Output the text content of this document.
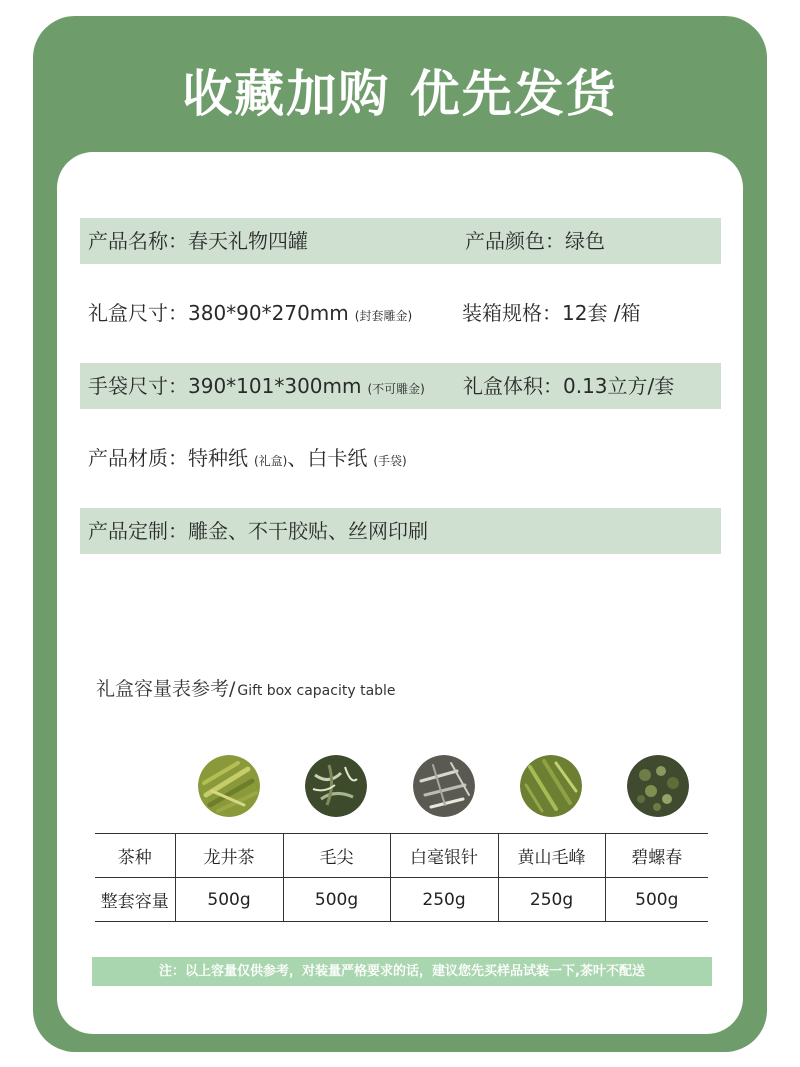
收藏加购 优先发货
产品名称：春天礼物四罐	产品颜色：绿色
礼盒尺寸：380*90*270mm (封套雕金) 装箱规格：12套 /箱
手袋尺寸：390*101*300mm (不可雕金) 礼盒体积：0.13立方/套
产品材质：特种纸 (礼盒)、白卡纸 (手袋)
产品定制：雕金、不干胶贴、丝网印刷
礼盒容量表参考/ Gift box capacity table
茶种	龙井茶	毛尖	白毫银针	黄山毛峰	碧螺春
整套容量	500g	500g	250g	250g	500g
注：以上容量仅供参考，对装量严格要求的话，建议您先买样品试装一下,茶叶不配送
